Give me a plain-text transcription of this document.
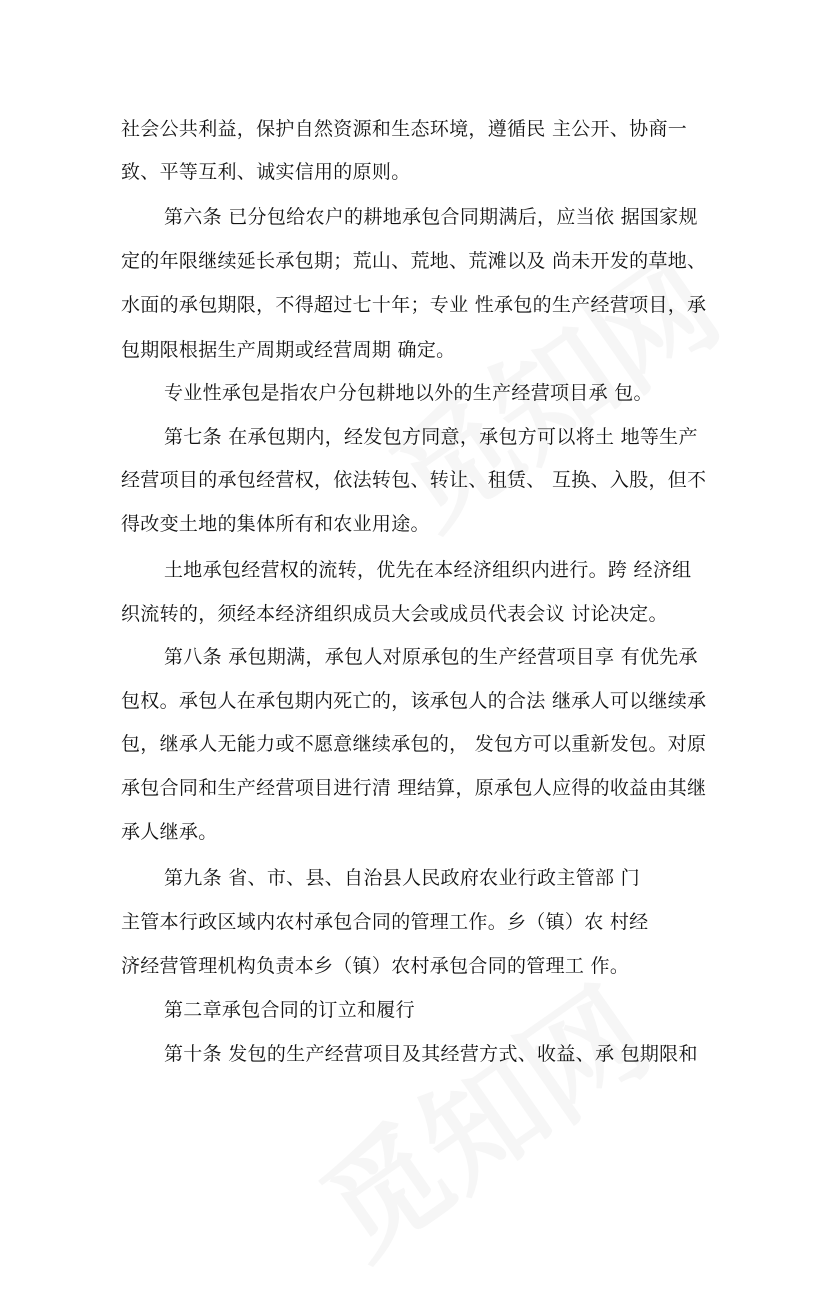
社会公共利益，保护自然资源和生态环境，遵循民 主公开、协商一
致、平等互利、诚实信用的原则。
第六条 已分包给农户的耕地承包合同期满后，应当依 据国家规
定的年限继续延长承包期；荒山、荒地、荒滩以及 尚未开发的草地、
水面的承包期限，不得超过七十年；专业 性承包的生产经营项目，承
包期限根据生产周期或经营周期 确定。
专业性承包是指农户分包耕地以外的生产经营项目承 包。
第七条 在承包期内，经发包方同意，承包方可以将土 地等生产
经营项目的承包经营权，依法转包、转让、租赁、 互换、入股，但不
得改变土地的集体所有和农业用途。
土地承包经营权的流转，优先在本经济组织内进行。跨 经济组
织流转的，须经本经济组织成员大会或成员代表会议 讨论决定。
第八条 承包期满，承包人对原承包的生产经营项目享 有优先承
包权。承包人在承包期内死亡的，该承包人的合法 继承人可以继续承
包，继承人无能力或不愿意继续承包的， 发包方可以重新发包。对原
承包合同和生产经营项目进行清 理结算，原承包人应得的收益由其继
承人继承。
第九条 省、市、县、自治县人民政府农业行政主管部 门
主管本行政区域内农村承包合同的管理工作。乡（镇）农 村经
济经营管理机构负责本乡（镇）农村承包合同的管理工 作。
第二章承包合同的订立和履行
第十条 发包的生产经营项目及其经营方式、收益、承 包期限和
